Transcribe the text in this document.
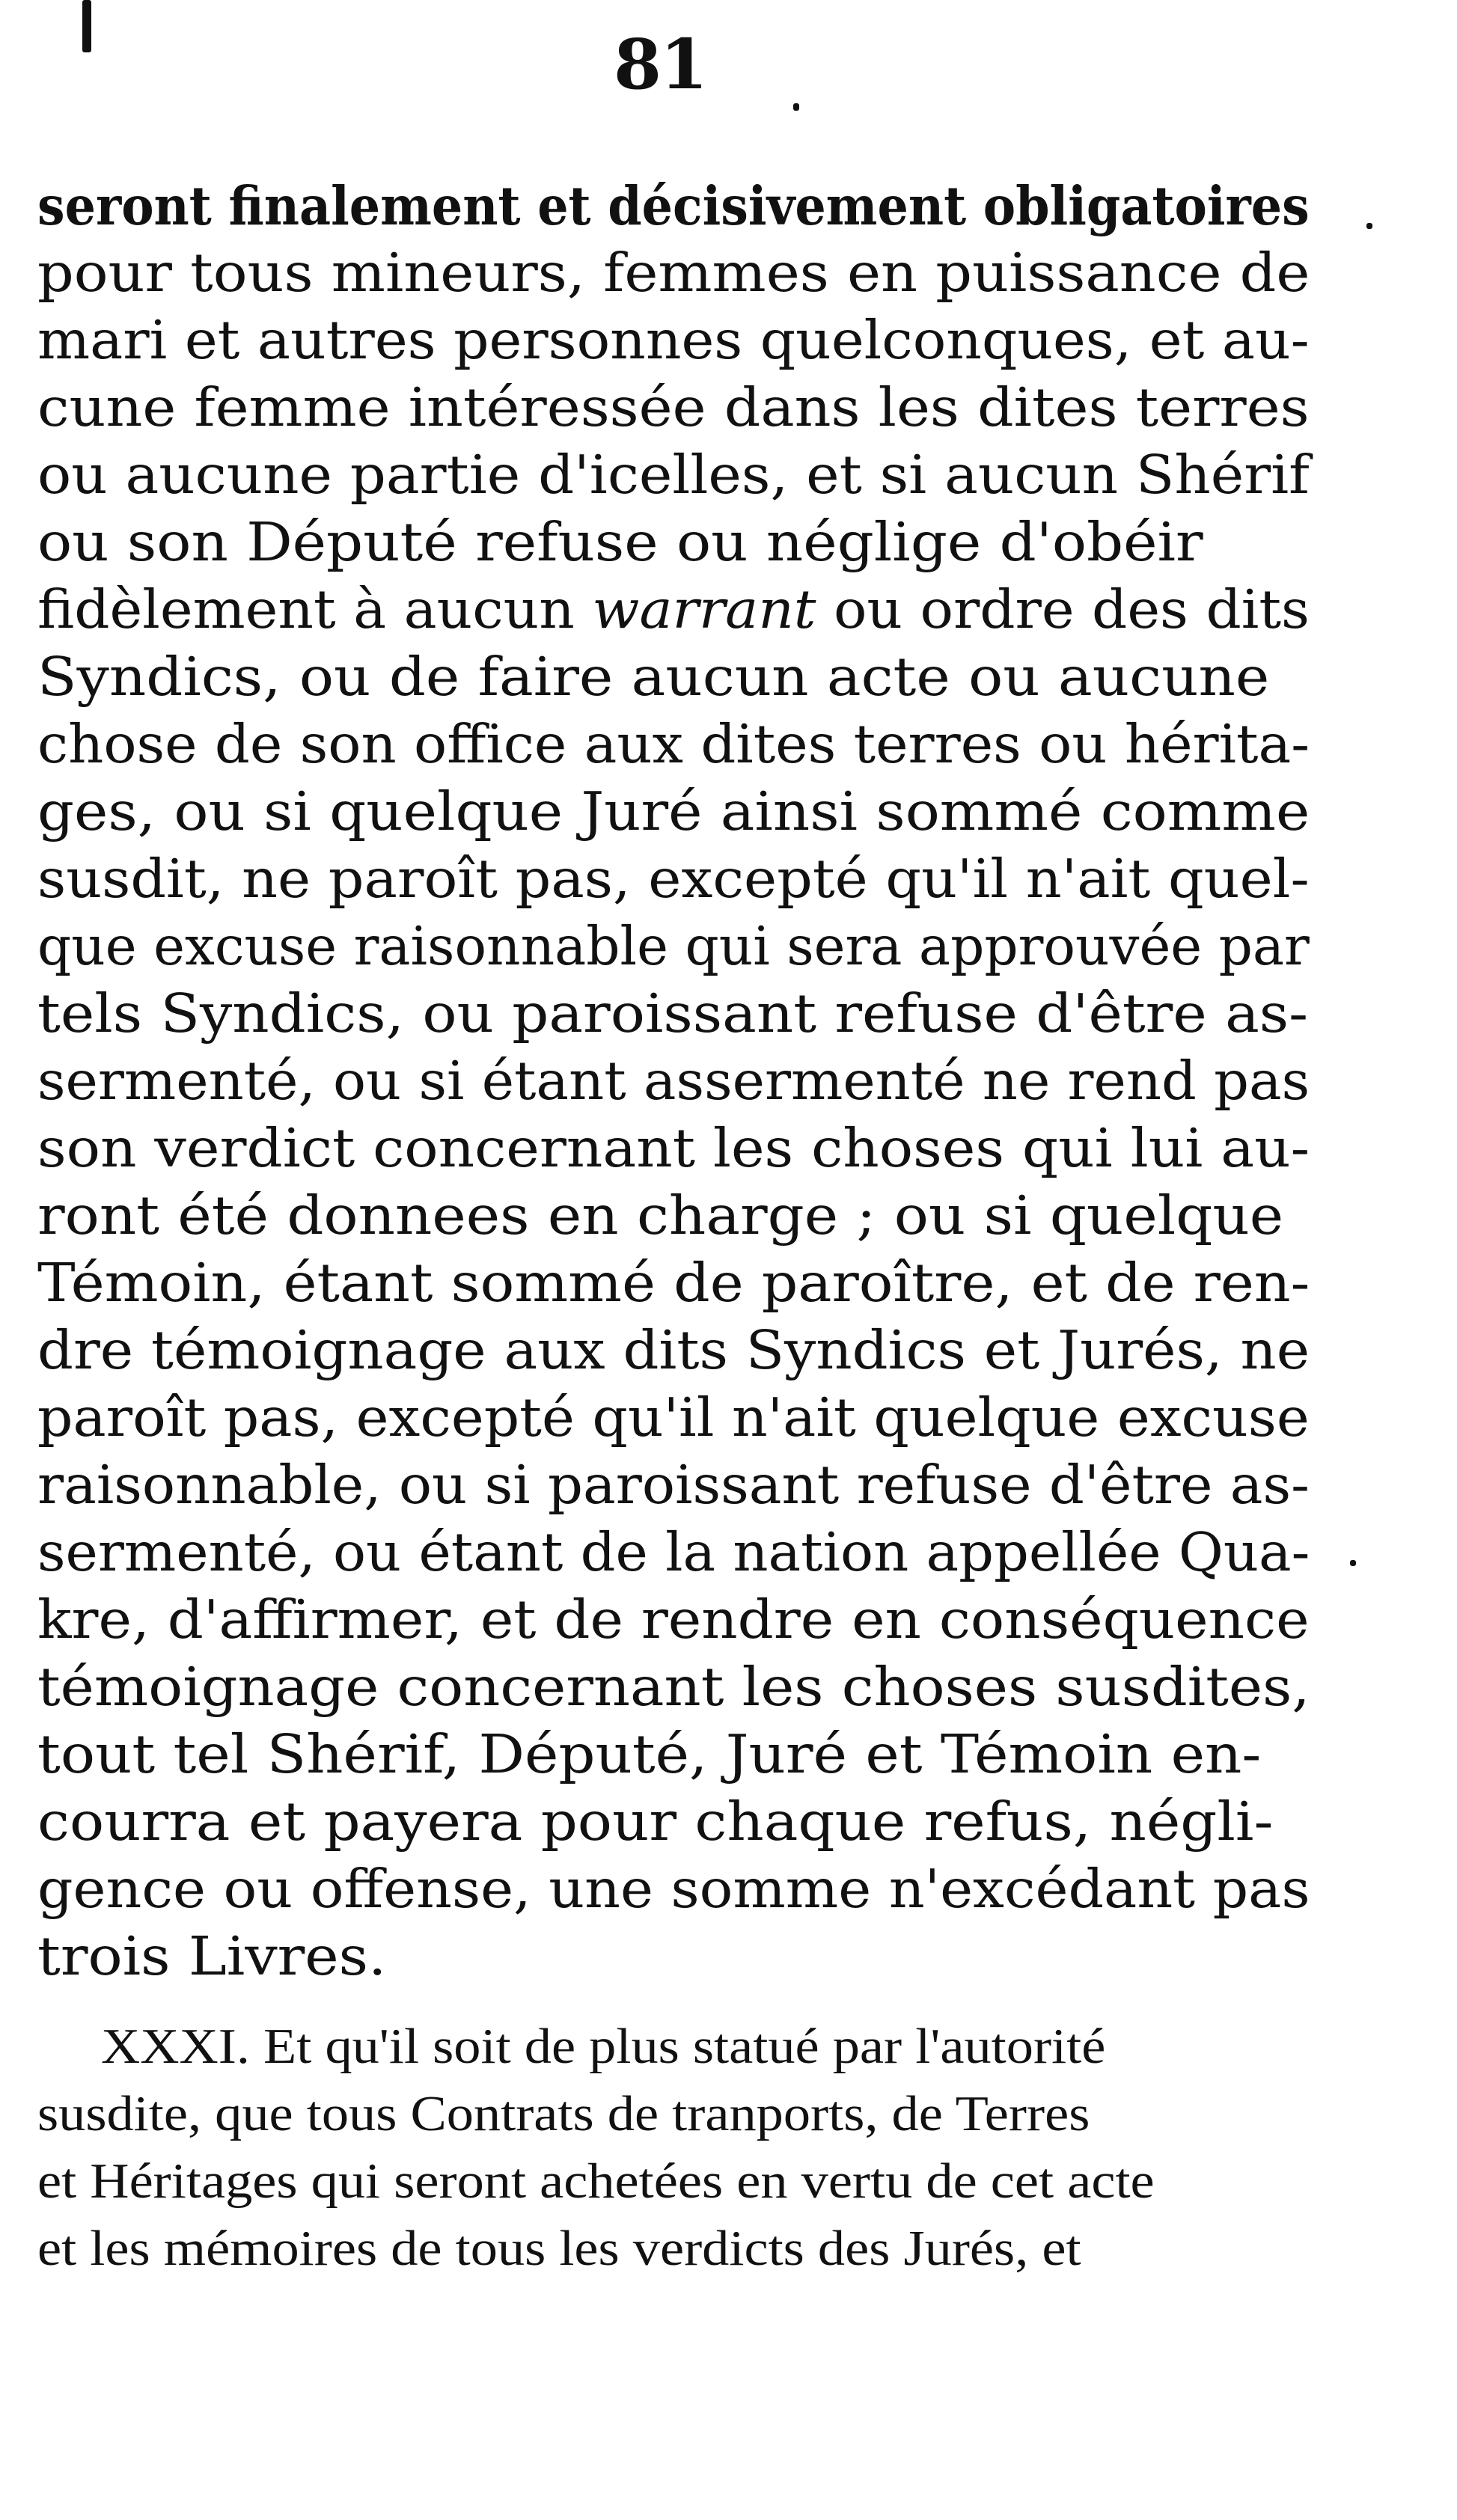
81
seront finalement et décisivement obligatoires
pour tous mineurs, femmes en puissance de
mari et autres personnes quelconques, et au-
cune femme intéressée dans les dites terres
ou aucune partie d'icelles, et si aucun Shérif
ou son Député refuse ou néglige d'obéir
fidèlement à aucun warrant ou ordre des dits
Syndics, ou de faire aucun acte ou aucune
chose de son office aux dites terres ou hérita-
ges, ou si quelque Juré ainsi sommé comme
susdit, ne paroît pas, excepté qu'il n'ait quel-
que excuse raisonnable qui sera approuvée par
tels Syndics, ou paroissant refuse d'être as-
sermenté, ou si étant assermenté ne rend pas
son verdict concernant les choses qui lui au-
ront été donnees en charge ; ou si quelque
Témoin, étant sommé de paroître, et de ren-
dre témoignage aux dits Syndics et Jurés, ne
paroît pas, excepté qu'il n'ait quelque excuse
raisonnable, ou si paroissant refuse d'être as-
sermenté, ou étant de la nation appellée Qua-
kre, d'affirmer, et de rendre en conséquence
témoignage concernant les choses susdites,
tout tel Shérif, Député, Juré et Témoin en-
courra et payera pour chaque refus, négli-
gence ou offense, une somme n'excédant pas
trois Livres.
XXXI. Et qu'il soit de plus statué par l'autorité
susdite, que tous Contrats de tranports, de Terres
et Héritages qui seront achetées en vertu de cet acte
et les mémoires de tous les verdicts des Jurés, et
